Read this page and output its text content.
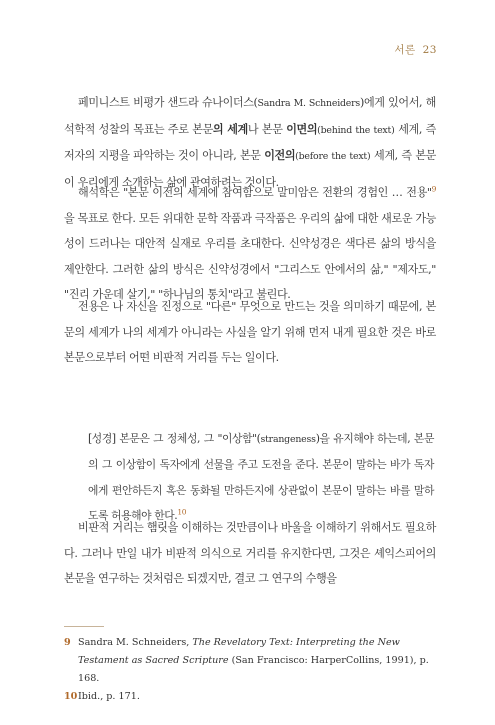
서론 23

페미니스트 비평가 샌드라 슈나이더스(Sandra M. Schneiders)에게 있어서, 해석학적 성찰의 목표는 주로 본문의 세계나 본문 이면의(behind the text) 세계, 즉 저자의 지평을 파악하는 것이 아니라, 본문 이전의(before the text) 세계, 즉 본문이 우리에게 소개하는 삶에 관여하려는 것이다.

해석학은 "본문 이전의 세계에 참여함으로 말미암은 전환의 경험인 … 전용"$^9$을 목표로 한다. 모든 위대한 문학 작품과 극작품은 우리의 삶에 대한 새로운 가능성이 드러나는 대안적 실재로 우리를 초대한다. 신약성경은 색다른 삶의 방식을 제안한다. 그러한 삶의 방식은 신약성경에서 "그리스도 안에서의 삶," "제자도," "진리 가운데 살기," "하나님의 통치"라고 불린다.

전용은 나 자신을 진정으로 "다른" 무엇으로 만드는 것을 의미하기 때문에, 본문의 세계가 나의 세계가 아니라는 사실을 알기 위해 먼저 내게 필요한 것은 바로 본문으로부터 어떤 비판적 거리를 두는 일이다.

[성경] 본문은 그 정체성, 그 "이상함"(strangeness)을 유지해야 하는데, 본문의 그 이상함이 독자에게 선물을 주고 도전을 준다. 본문이 말하는 바가 독자에게 편안하든지 혹은 동화될 만하든지에 상관없이 본문이 말하는 바를 말하도록 허용해야 한다.$^{10}$

비판적 거리는 햄릿을 이해하는 것만큼이나 바울을 이해하기 위해서도 필요하다. 그러나 만일 내가 비판적 의식으로 거리를 유지한다면, 그것은 셰익스피어의 본문을 연구하는 것처럼은 되겠지만, 결코 그 연구의 수행을

9 Sandra M. Schneiders, The Revelatory Text: Interpreting the New Testament as Sacred Scripture (San Francisco: HarperCollins, 1991), p. 168.

10Ibid., p. 171.
